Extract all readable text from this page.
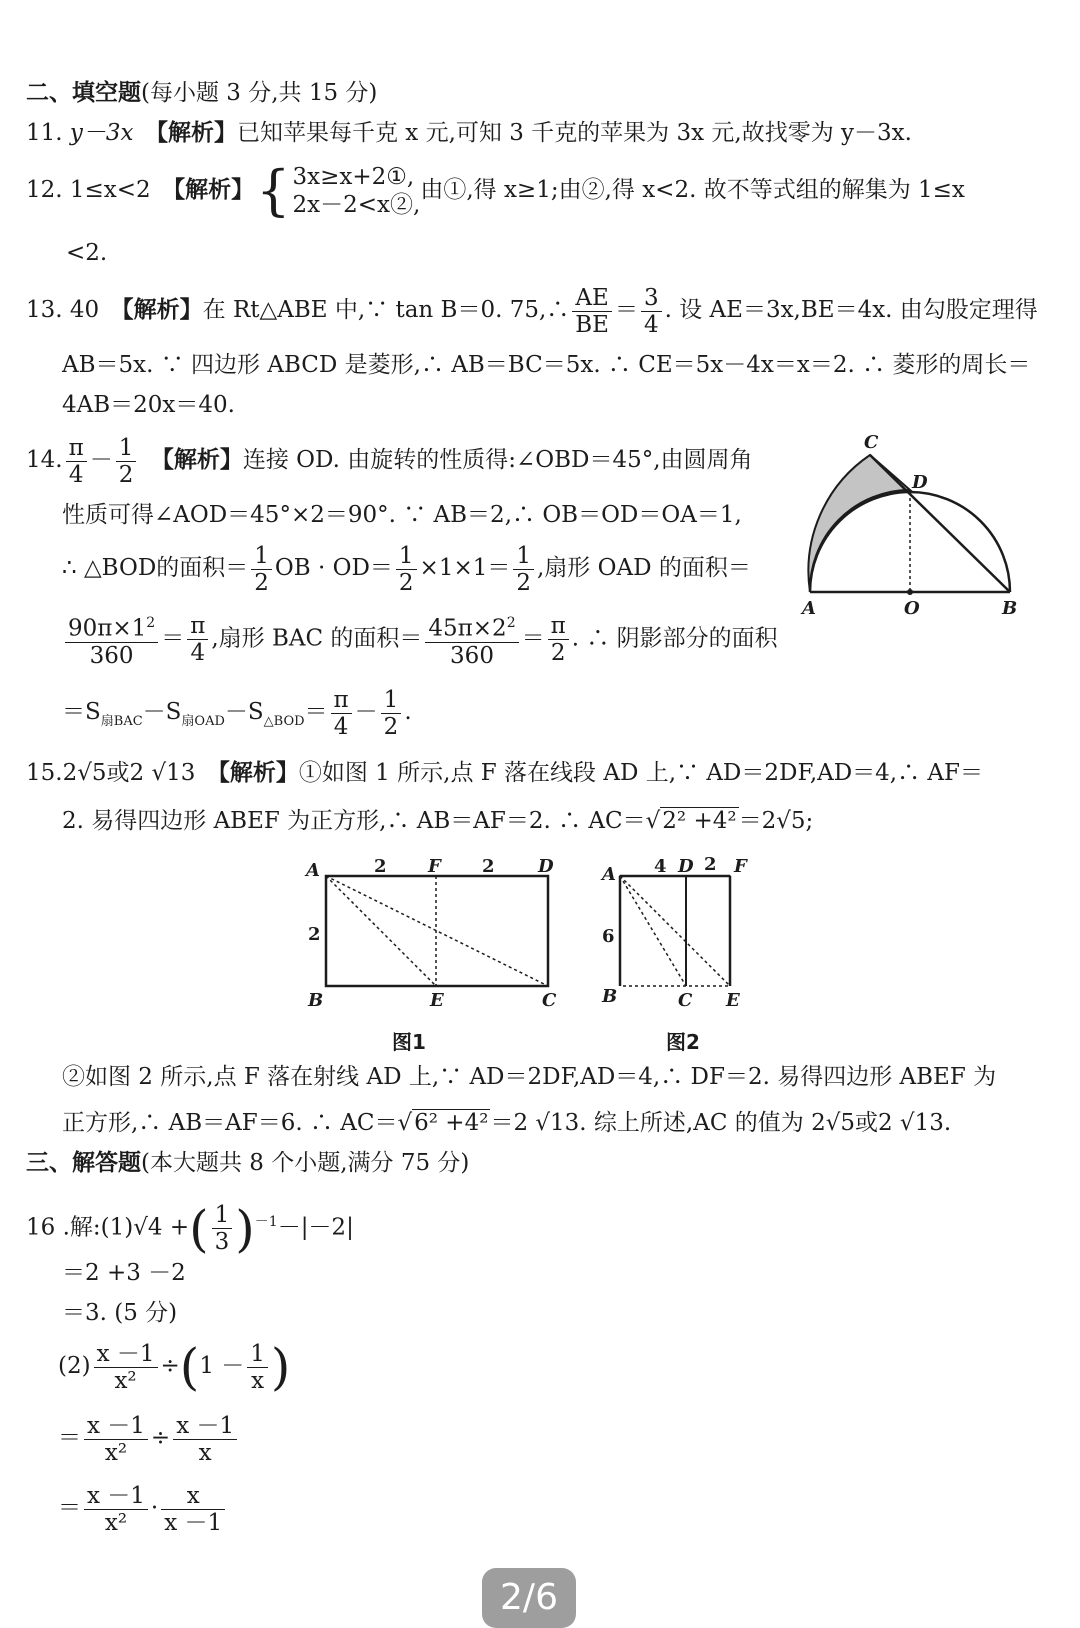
二、填空题(每小题 3 分,共 15 分)
11. y－3x　 【解析】已知苹果每千克 x 元,可知 3 千克的苹果为 3x 元,故找零为 y－3x.
12. 1≤x<2　 【解析】{ 3x≥x+2①,
2x－2<x②,
由①,得 x≥1;由②,得 x<2. 故不等式组的解集为 1≤x
<2.
13. 40　 【解析】在 Rt△ABE 中,∵ tan B＝0. 75,∴ $\frac{AE}{BE} = \frac{3}{4}$ . 设 AE＝3x,BE＝4x. 由勾股定理得
AB＝5x. ∵ 四边形 ABCD 是菱形,∴ AB＝BC＝5x. ∴ CE＝5x－4x＝x＝2. ∴ 菱形的周长＝
4AB＝20x＝40.
14. $\frac{\pi}{4} - \frac{1}{2}$
　 【解析】连接 OD. 由旋转的性质得:∠OBD＝45°,由圆周角
性质可得∠AOD＝45°×2＝90°. ∵ AB＝2,∴ OB＝OD＝OA＝1,
∴ △BOD的面积＝ $\frac{1}{2}$ OB · $OD= \frac{1}{2} \times 1\times 1= \frac{1}{2}$ ,扇形 OAD 的面积＝
$\frac{90\pi\times 1^2}{360} = \frac{\pi}{4}$ ,扇形 BAC 的面积＝ $\frac{45\pi\times 2^2}{360} = \frac{\pi}{2}$ . ∴ 阴影部分的面积
$=S_{扇BAC}-S_{扇OAD}-S_{\triangle BOD}= \frac{\pi}{4} - \frac{1}{2}$ .
C
D
A	O	B
15.2√5或2 √13　 【解析】①如图 1 所示,点 F 落在线段 AD 上,∵ AD＝2DF,AD＝4,∴ AF＝
2. 易得四边形 ABEF 为正方形,∴ AB＝AF＝2. ∴ AC＝√2² +4²＝2√5;
A	2 F 2 D
2
B	E	C
图1
A 4 D 2 F
6
B	C E
图2
②如图 2 所示,点 F 落在射线 AD 上,∵ AD＝2DF,AD＝4,∴ DF＝2. 易得四边形 ABEF 为
正方形,∴ AB＝AF＝6. ∴ AC＝√6² +4²＝2 √13. 综上所述,AC 的值为 2√5或2 √13.
三、解答题(本大题共 8 个小题,满分 75 分)
16 .解:(1)√4 +( $\frac{1}{3} )^{-1}-|-2|$
＝2 +3 －2
＝3. (5 分)
$(2) \frac{x -1}{\text{x²}} \div(1 - \frac{1}{x}$ )
＝ $\frac{x -1}{\text{x²}} \div \frac{x -1}{x}$
＝ $\frac{x -1}{\text{x²}} \cdot \frac{x}{x -1}$
2/6
